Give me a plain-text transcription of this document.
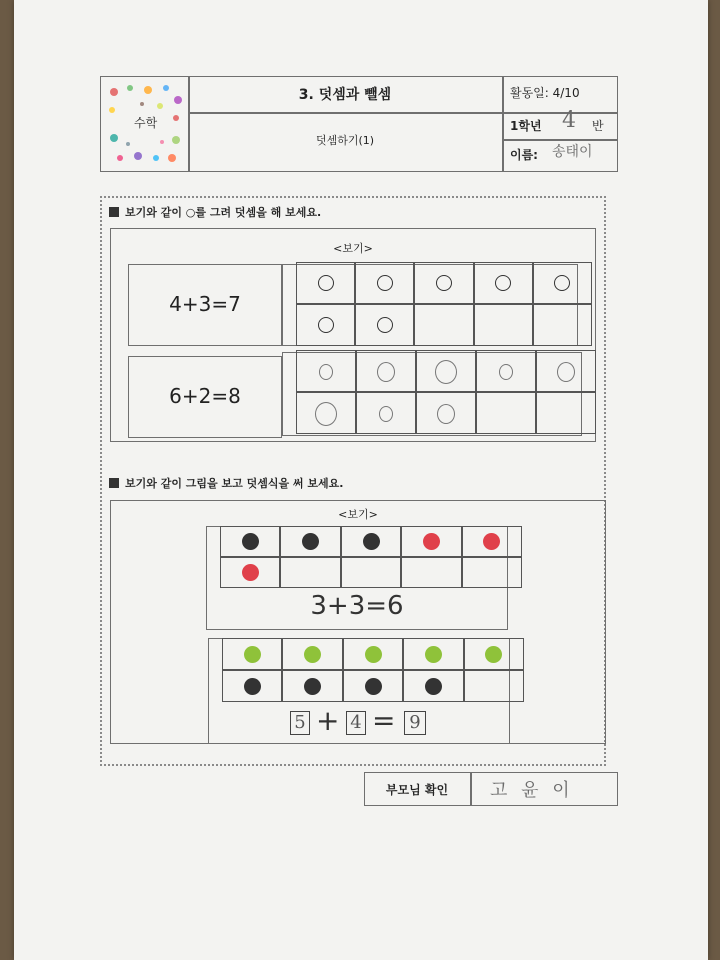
수학
3. 덧셈과 뺄셈
덧셈하기(1)
활동일: 4/10
1학년 4 반
이름: 송태이
보기와 같이 ○를 그려 덧셈을 해 보세요.
<보기>
4+3=7
6+2=8
보기와 같이 그림을 보고 덧셈식을 써 보세요.
<보기>
3+3=6
5 + 4 = 9
부모님 확인	고 윤 이
